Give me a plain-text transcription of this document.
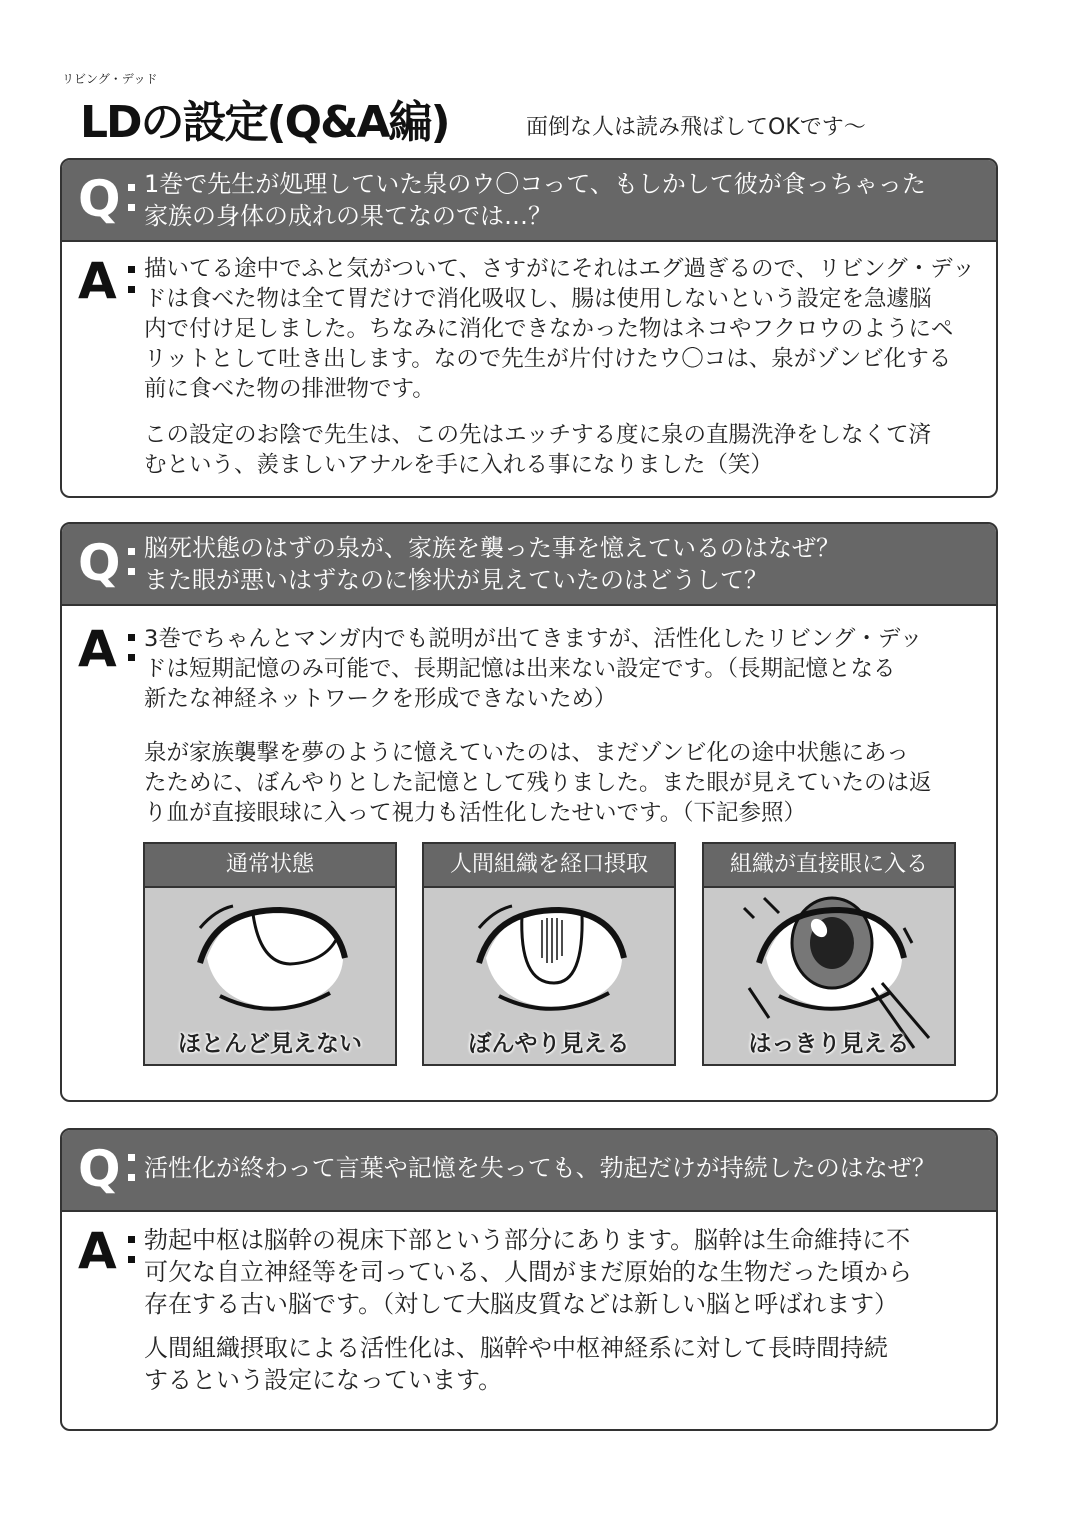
リビング・デッド
LDの設定(Q&A編)	面倒な人は読み飛ばしてOKです～
Q 1巻で先生が処理していた泉のウ〇コって、もしかして彼が食っちゃった
家族の身体の成れの果てなのでは…？
A 描いてる途中でふと気がついて、さすがにそれはエグ過ぎるので、リビング・デッ
ドは食べた物は全て胃だけで消化吸収し、腸は使用しないという設定を急遽脳
内で付け足しました。ちなみに消化できなかった物はネコやフクロウのようにペ
リットとして吐き出します。なので先生が片付けたウ〇コは、泉がゾンビ化する
前に食べた物の排泄物です。
この設定のお陰で先生は、この先はエッチする度に泉の直腸洗浄をしなくて済
むという、羨ましいアナルを手に入れる事になりました（笑）
Q 脳死状態のはずの泉が、家族を襲った事を憶えているのはなぜ？
また眼が悪いはずなのに惨状が見えていたのはどうして？
A 3巻でちゃんとマンガ内でも説明が出てきますが、活性化したリビング・デッ
ドは短期記憶のみ可能で、長期記憶は出来ない設定です。（長期記憶となる
新たな神経ネットワークを形成できないため）
泉が家族襲撃を夢のように憶えていたのは、まだゾンビ化の途中状態にあっ
たために、ぼんやりとした記憶として残りました。また眼が見えていたのは返
り血が直接眼球に入って視力も活性化したせいです。（下記参照）
通常状態
ほとんど見えない
人間組織を経口摂取
ぼんやり見える
組織が直接眼に入る
はっきり見える
Q 活性化が終わって言葉や記憶を失っても、勃起だけが持続したのはなぜ？
A 勃起中枢は脳幹の視床下部という部分にあります。脳幹は生命維持に不
可欠な自立神経等を司っている、人間がまだ原始的な生物だった頃から
存在する古い脳です。（対して大脳皮質などは新しい脳と呼ばれます）
人間組織摂取による活性化は、脳幹や中枢神経系に対して長時間持続
するという設定になっています。
